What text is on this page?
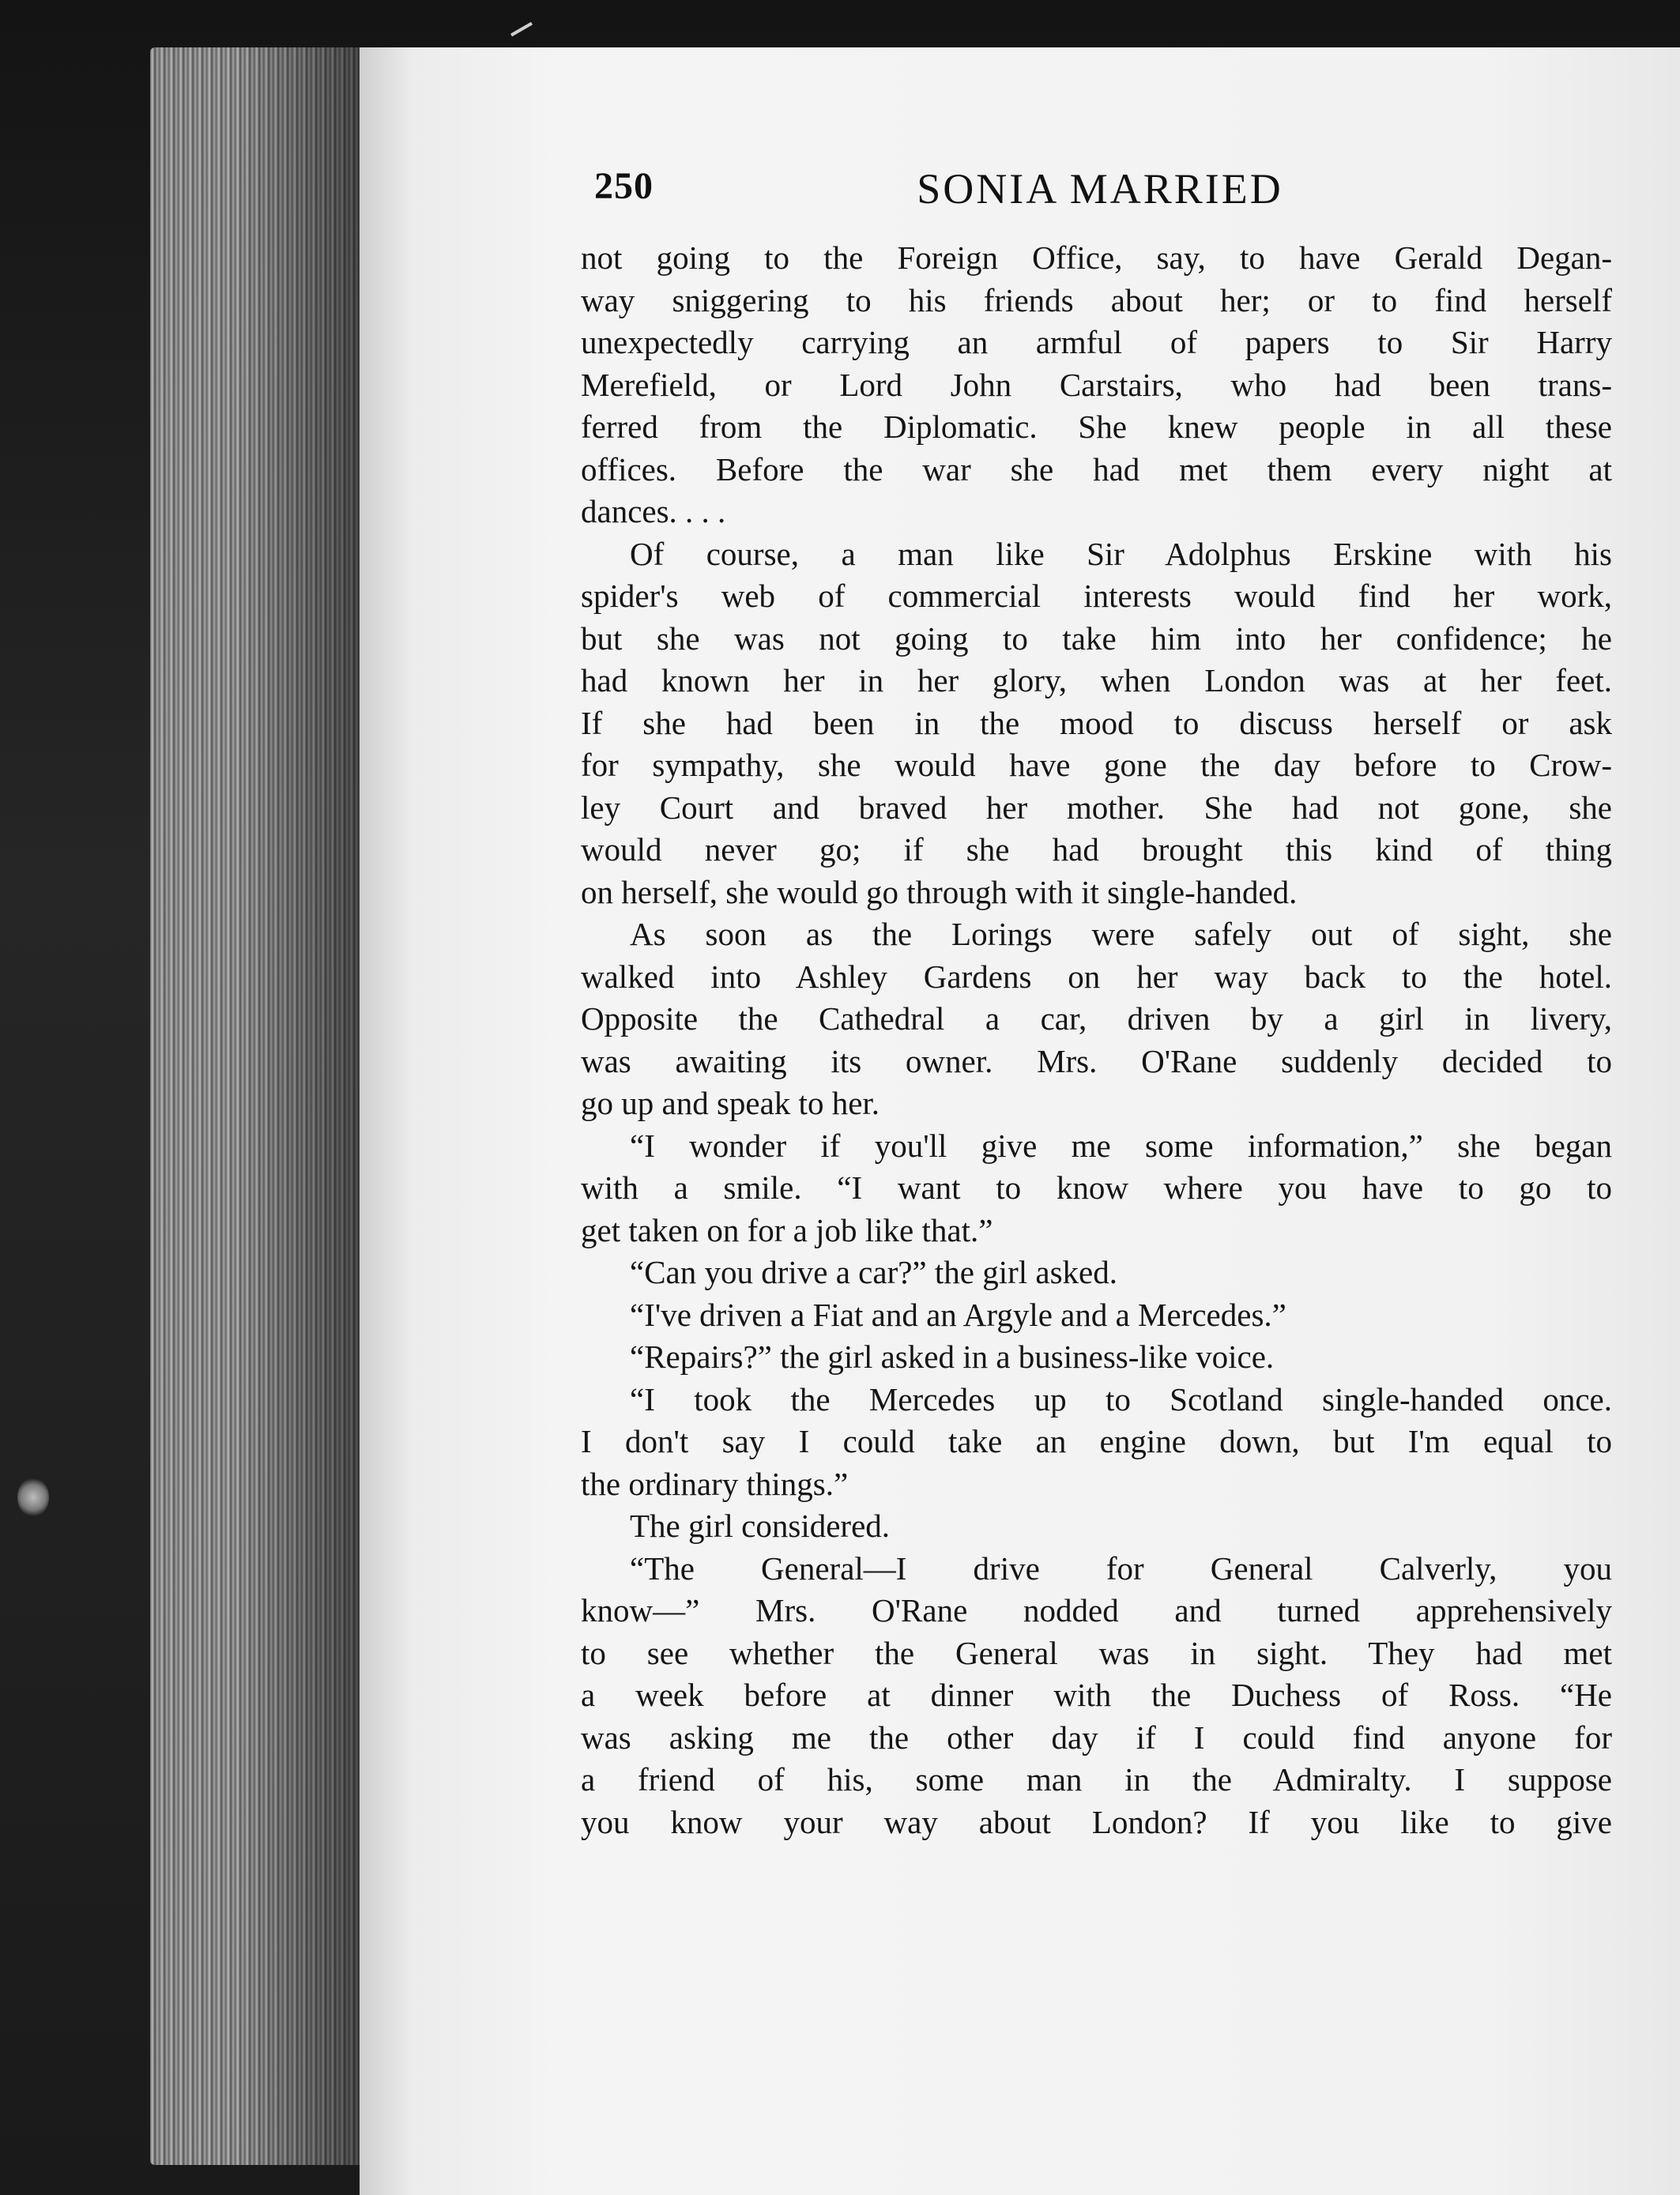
250	SONIA MARRIED
not going to the Foreign Office, say, to have Gerald Degan-
way sniggering to his friends about her; or to find herself
unexpectedly carrying an armful of papers to Sir Harry
Merefield, or Lord John Carstairs, who had been trans-
ferred from the Diplomatic. She knew people in all these
offices. Before the war she had met them every night at
dances. . . .
Of course, a man like Sir Adolphus Erskine with his
spider's web of commercial interests would find her work,
but she was not going to take him into her confidence; he
had known her in her glory, when London was at her feet.
If she had been in the mood to discuss herself or ask
for sympathy, she would have gone the day before to Crow-
ley Court and braved her mother. She had not gone, she
would never go; if she had brought this kind of thing
on herself, she would go through with it single-handed.
As soon as the Lorings were safely out of sight, she
walked into Ashley Gardens on her way back to the hotel.
Opposite the Cathedral a car, driven by a girl in livery,
was awaiting its owner. Mrs. O'Rane suddenly decided to
go up and speak to her.
“I wonder if you'll give me some information,” she began
with a smile. “I want to know where you have to go to
get taken on for a job like that.”
“Can you drive a car?” the girl asked.
“I've driven a Fiat and an Argyle and a Mercedes.”
“Repairs?” the girl asked in a business-like voice.
“I took the Mercedes up to Scotland single-handed once.
I don't say I could take an engine down, but I'm equal to
the ordinary things.”
The girl considered.
“The General—I drive for General Calverly, you
know—” Mrs. O'Rane nodded and turned apprehensively
to see whether the General was in sight. They had met
a week before at dinner with the Duchess of Ross. “He
was asking me the other day if I could find anyone for
a friend of his, some man in the Admiralty. I suppose
you know your way about London? If you like to give
